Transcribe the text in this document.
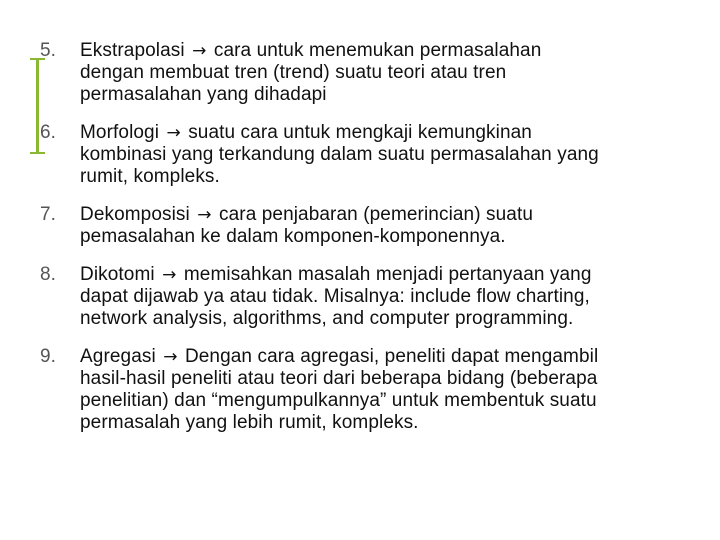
5. Ekstrapolasi → cara untuk menemukan permasalahan
dengan membuat tren (trend) suatu teori atau tren
permasalahan yang dihadapi
6. Morfologi → suatu cara untuk mengkaji kemungkinan
kombinasi yang terkandung dalam suatu permasalahan yang
rumit, kompleks.
7. Dekomposisi → cara penjabaran (pemerincian) suatu
pemasalahan ke dalam komponen-komponennya.
8. Dikotomi → memisahkan masalah menjadi pertanyaan yang
dapat dijawab ya atau tidak. Misalnya: include flow charting,
network analysis, algorithms, and computer programming.
9. Agregasi → Dengan cara agregasi, peneliti dapat mengambil
hasil-hasil peneliti atau teori dari beberapa bidang (beberapa
penelitian) dan “mengumpulkannya” untuk membentuk suatu
permasalah yang lebih rumit, kompleks.
